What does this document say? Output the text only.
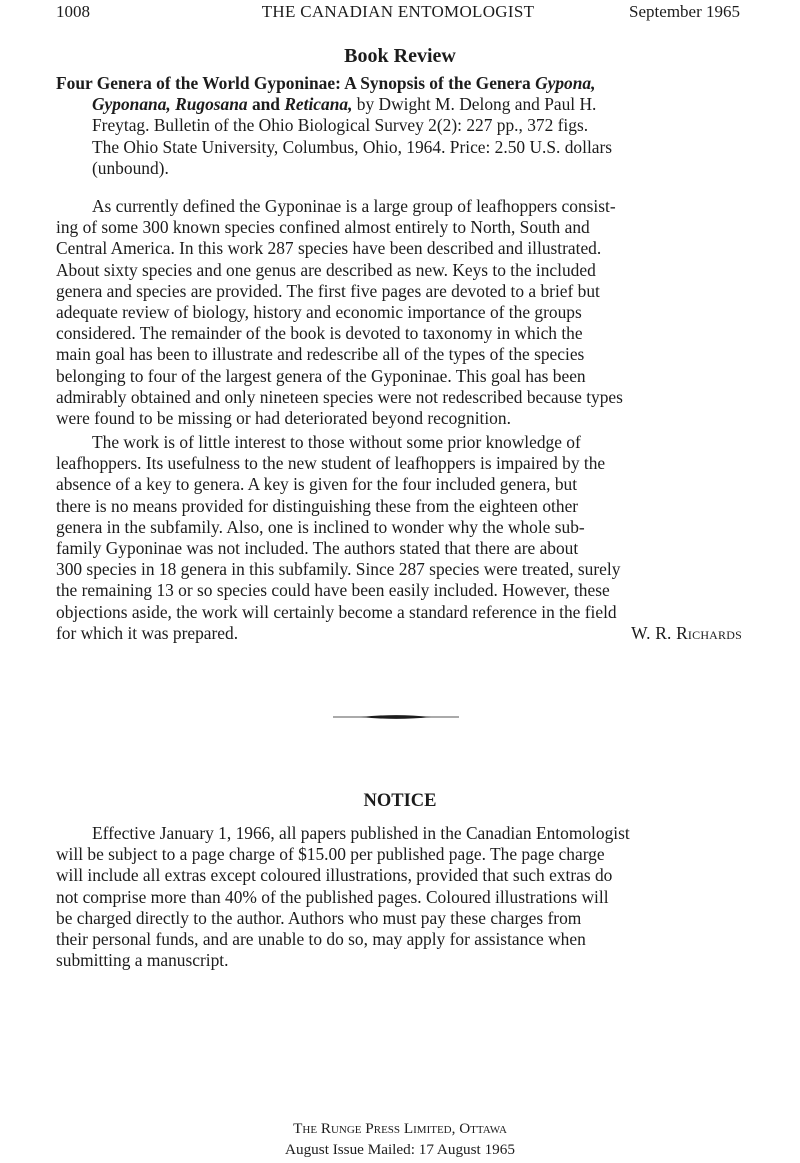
1008	THE CANADIAN ENTOMOLOGIST	September 1965
Book Review
Four Genera of the World Gyponinae: A Synopsis of the Genera Gypona,
Gyponana, Rugosana and Reticana, by Dwight M. Delong and Paul H.
Freytag. Bulletin of the Ohio Biological Survey 2(2): 227 pp., 372 figs.
The Ohio State University, Columbus, Ohio, 1964. Price: 2.50 U.S. dollars
(unbound).
As currently defined the Gyponinae is a large group of leafhoppers consist-
ing of some 300 known species confined almost entirely to North, South and
Central America. In this work 287 species have been described and illustrated.
About sixty species and one genus are described as new. Keys to the included
genera and species are provided. The first five pages are devoted to a brief but
adequate review of biology, history and economic importance of the groups
considered. The remainder of the book is devoted to taxonomy in which the
main goal has been to illustrate and redescribe all of the types of the species
belonging to four of the largest genera of the Gyponinae. This goal has been
admirably obtained and only nineteen species were not redescribed because types
were found to be missing or had deteriorated beyond recognition.
The work is of little interest to those without some prior knowledge of
leafhoppers. Its usefulness to the new student of leafhoppers is impaired by the
absence of a key to genera. A key is given for the four included genera, but
there is no means provided for distinguishing these from the eighteen other
genera in the subfamily. Also, one is inclined to wonder why the whole sub-
family Gyponinae was not included. The authors stated that there are about
300 species in 18 genera in this subfamily. Since 287 species were treated, surely
the remaining 13 or so species could have been easily included. However, these
objections aside, the work will certainly become a standard reference in the field
for which it was prepared.	W. R. Richards
NOTICE
Effective January 1, 1966, all papers published in the Canadian Entomologist
will be subject to a page charge of $15.00 per published page. The page charge
will include all extras except coloured illustrations, provided that such extras do
not comprise more than 40% of the published pages. Coloured illustrations will
be charged directly to the author. Authors who must pay these charges from
their personal funds, and are unable to do so, may apply for assistance when
submitting a manuscript.
The Runge Press Limited, Ottawa
August Issue Mailed: 17 August 1965
